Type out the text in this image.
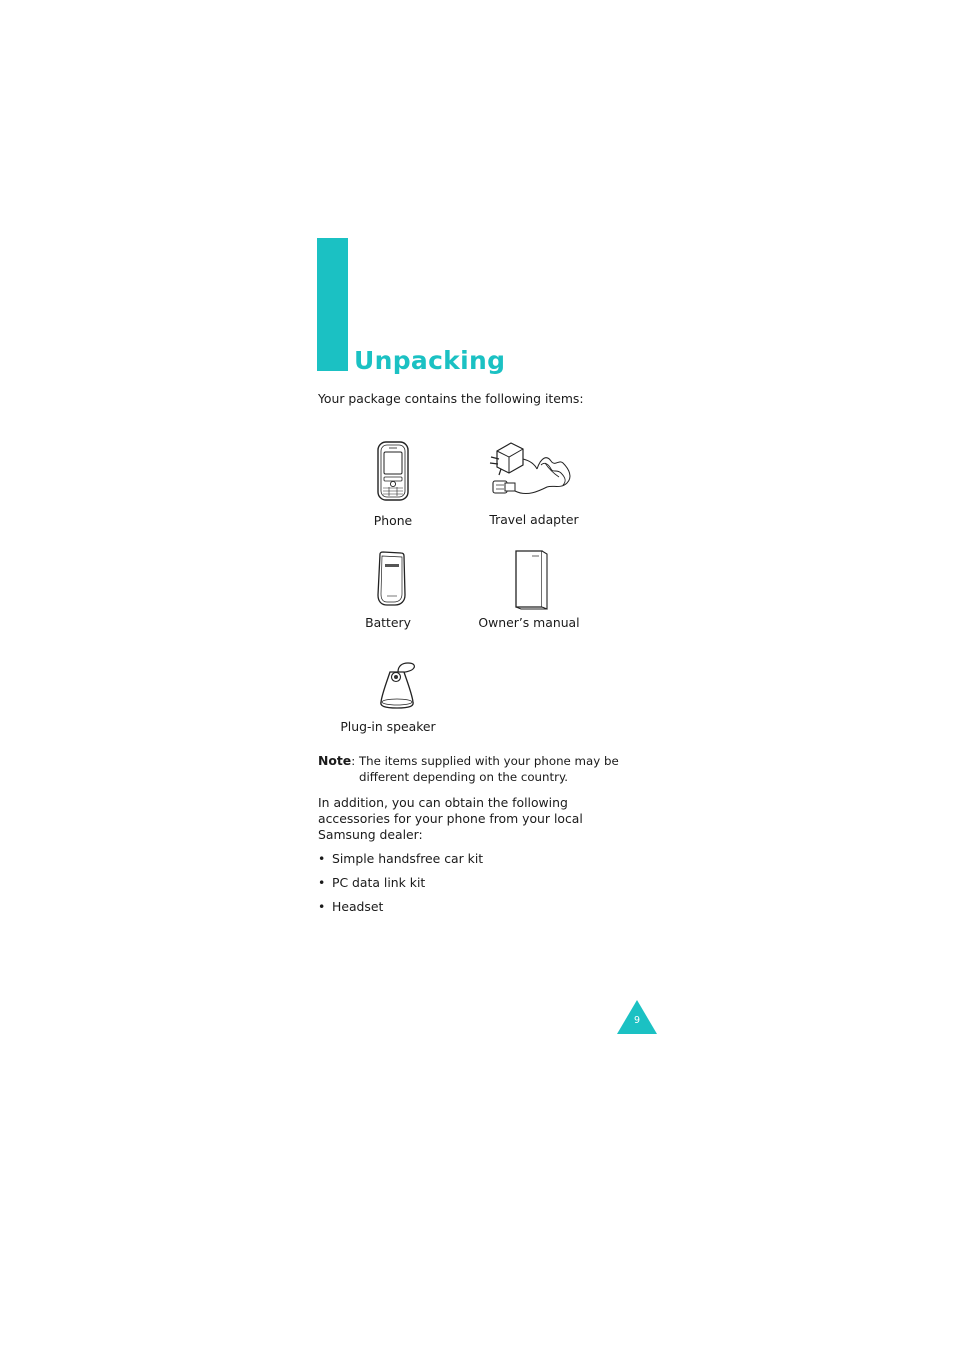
Unpacking
Your package contains the following items:
Phone	Travel adapter
Battery	Owner’s manual
Plug-in speaker
Note: The items supplied with your phone may be
different depending on the country.
In addition, you can obtain the following
accessories for your phone from your local
Samsung dealer:
• Simple handsfree car kit
• PC data link kit
• Headset
9
